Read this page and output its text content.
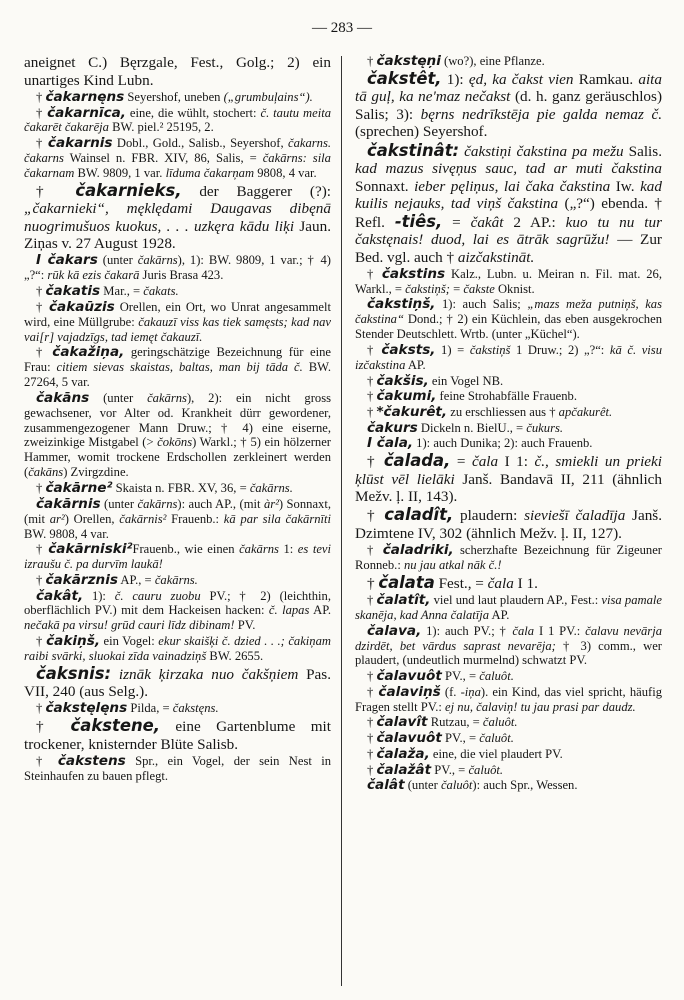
— 283 —

aneignet C.) Bęrzgale, Fest., Golg.; 2) ein unartiges Kind Lubn.

† čakarnęns Seyershof, uneben („grumbuļains“).

† čakarnīca, eine, die wühlt, stochert: č. tautu meita čakarēt čakarēja BW. piel.² 25195, 2.

† čakarnis Dobl., Gold., Salisb., Seyershof, čakarns. čakarns Wainsel n. FBR. XIV, 86, Salis, = čakārns: sila čakarnam BW. 9809, 1 var. līduma čakarņam 9808, 4 var.

† čakarnieks, der Baggerer (?): „čakarnieki“, męklędami Daugavas dibęnā nuogrimušuos kuokus, . . . uzkęra kādu liķi Jaun. Ziņas v. 27 August 1928.

I čakars (unter čakārns), 1): BW. 9809, 1 var.; † 4) „?“: rūk kā ezis čakarā Juris Brasa 423.

† čakatis Mar., = čakats.

† čakaūzis Orellen, ein Ort, wo Unrat angesammelt wird, eine Müllgrube: čakauzī viss kas tiek samęsts; kad nav vai[r] vajadzīgs, tad iemęt čakauzī.

† čakažiņa, geringschätzige Bezeichnung für eine Frau: citiem sievas skaistas, baltas, man bij tāda č. BW. 27264, 5 var.

čakāns (unter čakārns), 2): ein nicht gross gewachsener, vor Alter od. Krankheit dürr gewordener, zusammengezogener Mann Druw.; † 4) eine eiserne, zweizinkige Mistgabel (> čokōns) Warkl.; † 5) ein hölzerner Hammer, womit trockene Erdschollen zerkleinert werden (čakāns) Zvirgzdine.

† čakārne² Skaista n. FBR. XV, 36, = čakārns.

čakārnis (unter čakārns): auch AP., (mit àr²) Sonnaxt, (mit ar²) Orellen, čakārnis² Frauenb.: kā par sila čakārnīti BW. 9808, 4 var.

† čakārniski²Frauenb., wie einen čakārns 1: es tevi izraušu č. pa durvīm laukā!

† čakārznis AP., = čakārns.

čakât, 1): č. cauru zuobu PV.; † 2) (leichthin, oberflächlich PV.) mit dem Hackeisen hacken: č. lapas AP. nečakā pa virsu! grūd cauri līdz dibinam! PV.

† čakiņš, ein Vogel: ekur skaišķi č. dzied . . .; čakiņam raibi svārki, sluokai zīda vainadziņš BW. 2655.

čaksnis: iznāk ķirzaka nuo čakšņiem Pas. VII, 240 (aus Selg.).

† čakstęlęns Pilda, = čakstęns.

† čakstene, eine Gartenblume mit trockener, knisternder Blüte Salisb.

† čakstens Spr., ein Vogel, der sein Nest in Steinhaufen zu bauen pflegt.

† čakstęņi (wo?), eine Pflanze.

čakstêt, 1): ęd, ka čakst vien Ramkau. aita tā guļ, ka ne'maz nečakst (d. h. ganz geräuschlos) Salis; 3): bęrns nedrīkstēja pie galda nemaz č. (sprechen) Seyershof.

čakstinât: čakstiņi čakstina pa mežu Salis. kad mazus sivęņus sauc, tad ar muti čakstina Sonnaxt. ieber pęliņus, lai čaka čakstina Iw. kad kuilis nejauks, tad viņš čakstina („?“) ebenda. † Refl. -tiês, = čakât 2 AP.: kuo tu nu tur čakstęnais! duod, lai es ātrāk sagrūžu! — Zur Bed. vgl. auch † aizčakstināt.

† čakstins Kalz., Lubn. u. Meiran n. Fil. mat. 26, Warkl., = čakstiņš; = čakste Oknist.

čakstiņš, 1): auch Salis; „mazs meža putniņš, kas čakstina“ Dond.; † 2) ein Küchlein, das eben ausgekrochen Stender Deutschlett. Wrtb. (unter „Küchel“).

† čaksts, 1) = čakstiņš 1 Druw.; 2) „?“: kā č. visu izčakstina AP.

† čakšis, ein Vogel NB.

† čakumi, feine Strohabfälle Frauenb.

† *čakurêt, zu erschliessen aus † apčakurêt.

čakurs Dickeln n. BielU., = čukurs.

I čala, 1): auch Dunika; 2): auch Frauenb.

† čalada, = čala I 1: č., smiekli un prieki ķlūst vēl lielāki Janš. Bandavā II, 211 (ähnlich Mežv. ļ. II, 143).

† caladît, plaudern: sieviešī čaladīja Janš. Dzimtene IV, 302 (ähnlich Mežv. ļ. II, 127).

† čaladriki, scherzhafte Bezeichnung für Zigeuner Ronneb.: nu jau atkal nāk č.!

† čalata Fest., = čala I 1.

† čalatît, viel und laut plaudern AP., Fest.: visa pamale skanēja, kad Anna čalatīja AP.

čalava, 1): auch PV.; † čala I 1 PV.: čalavu nevārja dzirdēt, bet vārdus saprast nevarēja; † 3) comm., wer plaudert, (undeutlich murmelnd) schwatzt PV.

† čalavuôt PV., = čaluôt.

† čalaviņš (f. -iņa). ein Kind, das viel spricht, häufig Fragen stellt PV.: ej nu, čalaviņ! tu jau prasi par daudz.

† čalavît Rutzau, = čaluôt.

† čalavuôt PV., = čaluôt.

† čalaža, eine, die viel plaudert PV.

† čalažât PV., = čaluôt.

čalât (unter čaluôt): auch Spr., Wessen.
